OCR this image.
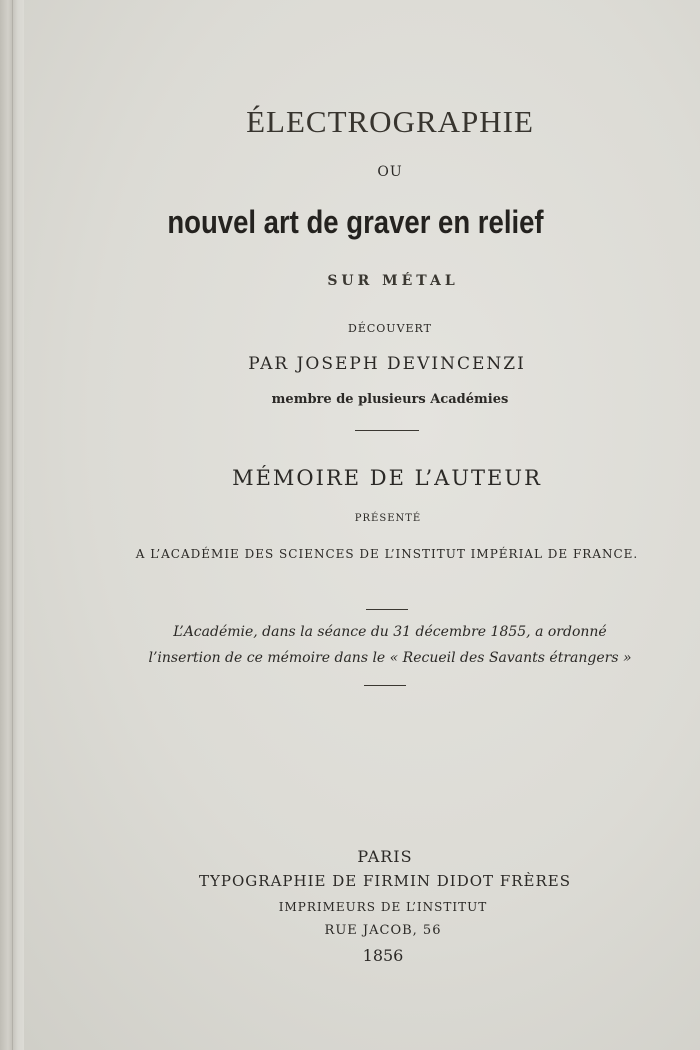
ÉLECTROGRAPHIE
OU
nouvel art de graver en relief
SUR MÉTAL
DÉCOUVERT
PAR JOSEPH DEVINCENZI
membre de plusieurs Académies
MÉMOIRE DE L’AUTEUR
PRÉSENTÉ
A L’ACADÉMIE DES SCIENCES DE L’INSTITUT IMPÉRIAL DE FRANCE.
L’Académie, dans la séance du 31 décembre 1855, a ordonné
l’insertion de ce mémoire dans le « Recueil des Savants étrangers »
PARIS
TYPOGRAPHIE DE FIRMIN DIDOT FRÈRES
IMPRIMEURS DE L’INSTITUT
RUE JACOB, 56
1856
